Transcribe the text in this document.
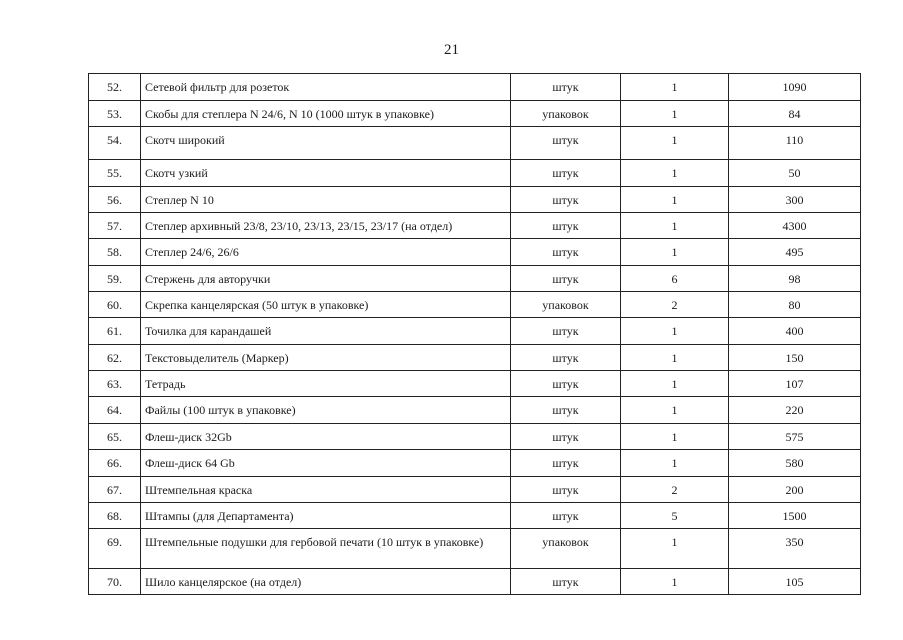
21
52.	Сетевой фильтр для розеток	штук	1	1090
53.	Скобы для степлера N 24/6, N 10 (1000 штук в упаковке)	упаковок	1	84
54.	Скотч широкий	штук	1	110
55.	Скотч узкий	штук	1	50
56.	Степлер N 10	штук	1	300
57.	Степлер архивный 23/8, 23/10, 23/13, 23/15, 23/17 (на отдел)	штук	1	4300
58.	Степлер 24/6, 26/6	штук	1	495
59.	Стержень для авторучки	штук	6	98
60.	Скрепка канцелярская (50 штук в упаковке)	упаковок	2	80
61.	Точилка для карандашей	штук	1	400
62.	Текстовыделитель (Маркер)	штук	1	150
63.	Тетрадь	штук	1	107
64.	Файлы (100 штук в упаковке)	штук	1	220
65.	Флеш-диск 32Gb	штук	1	575
66.	Флеш-диск 64 Gb	штук	1	580
67.	Штемпельная краска	штук	2	200
68.	Штампы (для Департамента)	штук	5	1500
69.	Штемпельные подушки для гербовой печати (10 штук в упаковке)	упаковок	1	350
70.	Шило канцелярское (на отдел)	штук	1	105
